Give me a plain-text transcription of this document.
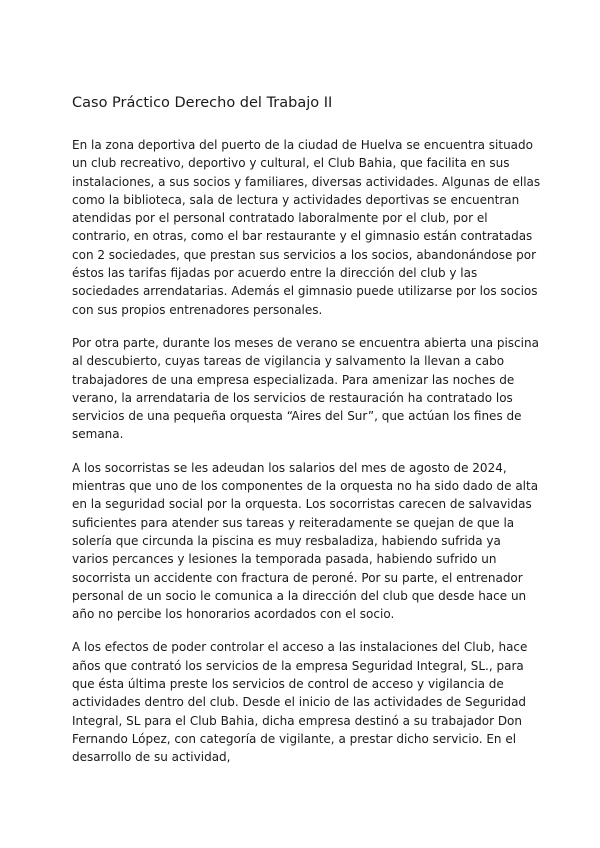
Caso Práctico Derecho del Trabajo II

En la zona deportiva del puerto de la ciudad de Huelva se encuentra situado
un club recreativo, deportivo y cultural, el Club Bahia, que facilita en sus
instalaciones, a sus socios y familiares, diversas actividades. Algunas de ellas
como la biblioteca, sala de lectura y actividades deportivas se encuentran
atendidas por el personal contratado laboralmente por el club, por el
contrario, en otras, como el bar restaurante y el gimnasio están contratadas
con 2 sociedades, que prestan sus servicios a los socios, abandonándose por
éstos las tarifas fijadas por acuerdo entre la dirección del club y las
sociedades arrendatarias. Además el gimnasio puede utilizarse por los socios
con sus propios entrenadores personales.

Por otra parte, durante los meses de verano se encuentra abierta una piscina
al descubierto, cuyas tareas de vigilancia y salvamento la llevan a cabo
trabajadores de una empresa especializada. Para amenizar las noches de
verano, la arrendataria de los servicios de restauración ha contratado los
servicios de una pequeña orquesta “Aires del Sur”, que actúan los fines de
semana.

A los socorristas se les adeudan los salarios del mes de agosto de 2024,
mientras que uno de los componentes de la orquesta no ha sido dado de alta
en la seguridad social por la orquesta. Los socorristas carecen de salvavidas
suficientes para atender sus tareas y reiteradamente se quejan de que la
solería que circunda la piscina es muy resbaladiza, habiendo sufrida ya
varios percances y lesiones la temporada pasada, habiendo sufrido un
socorrista un accidente con fractura de peroné. Por su parte, el entrenador
personal de un socio le comunica a la dirección del club que desde hace un
año no percibe los honorarios acordados con el socio.

A los efectos de poder controlar el acceso a las instalaciones del Club, hace
años que contrató los servicios de la empresa Seguridad Integral, SL., para
que ésta última preste los servicios de control de acceso y vigilancia de
actividades dentro del club. Desde el inicio de las actividades de Seguridad
Integral, SL para el Club Bahia, dicha empresa destinó a su trabajador Don
Fernando López, con categoría de vigilante, a prestar dicho servicio. En el
desarrollo de su actividad,
